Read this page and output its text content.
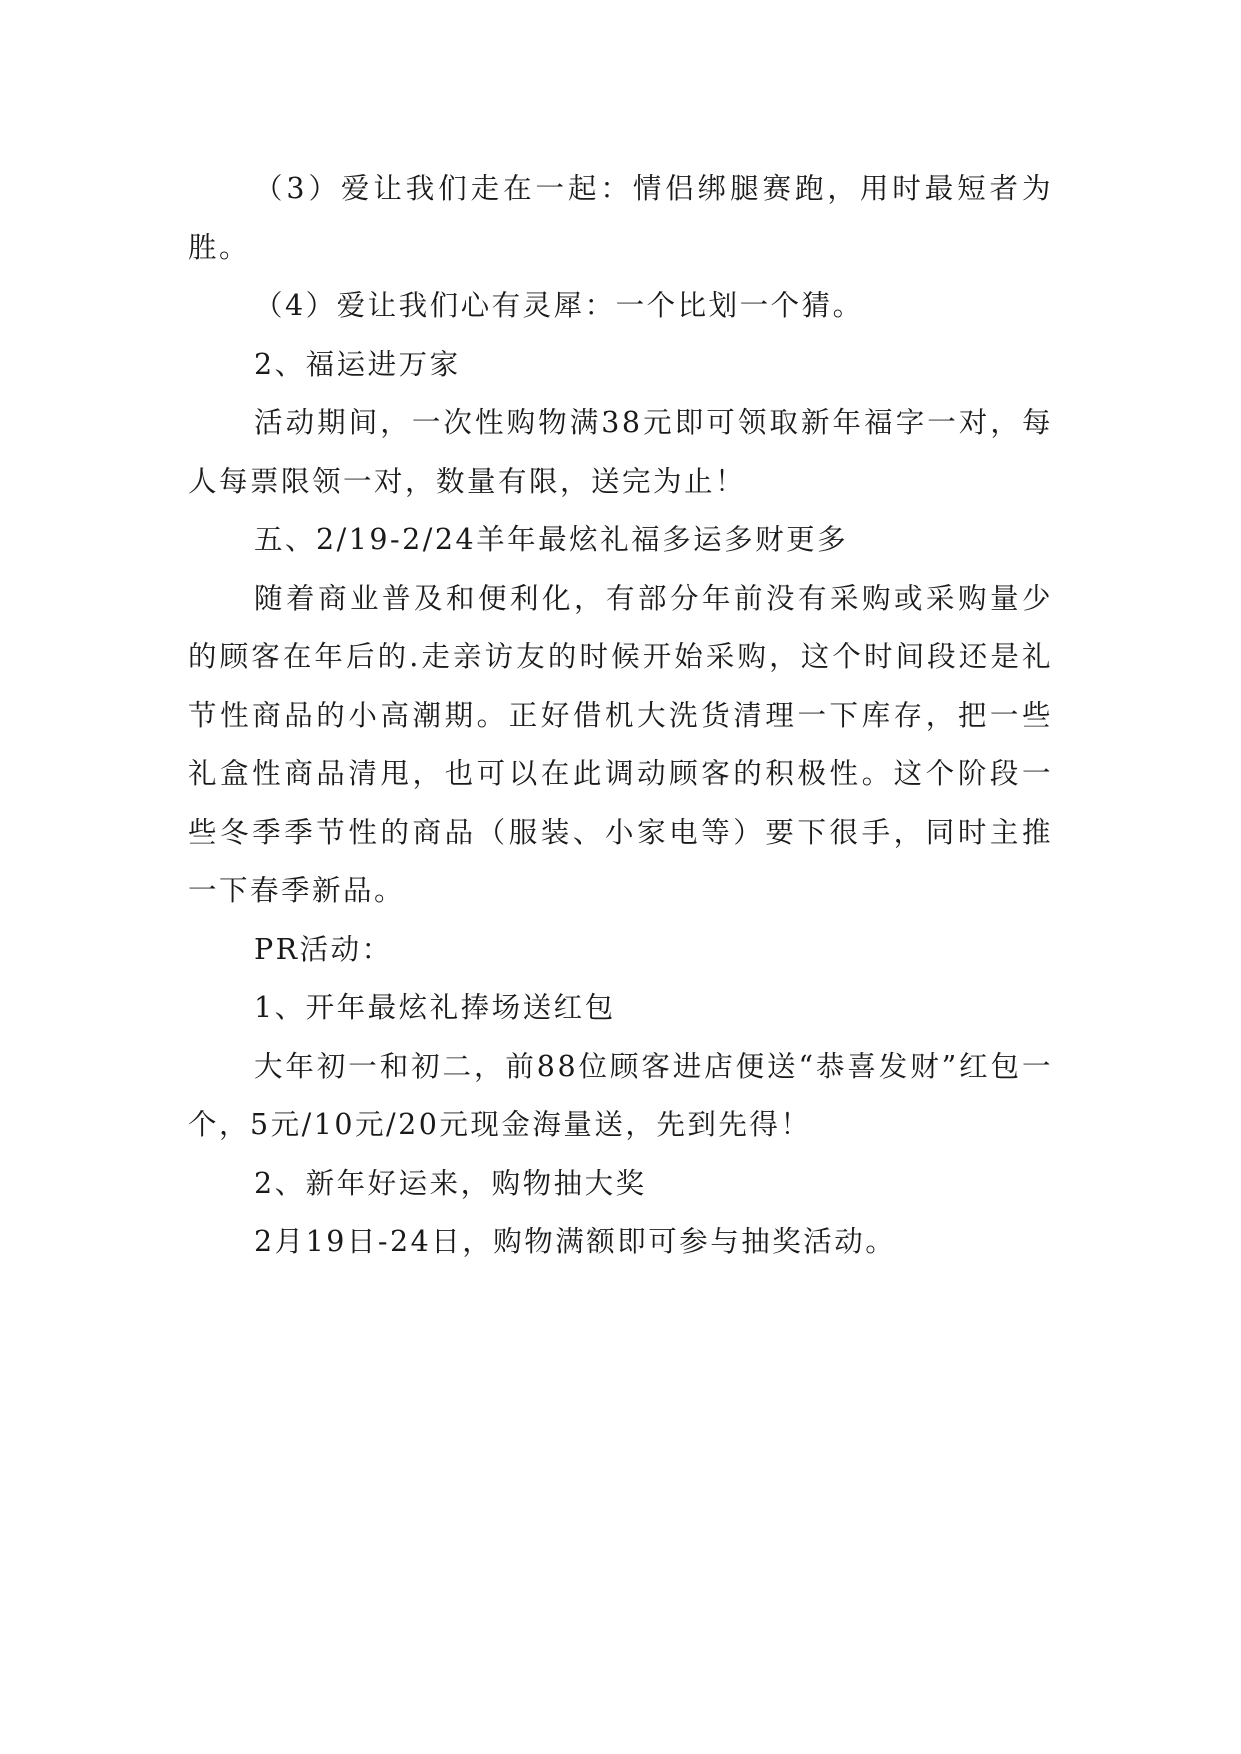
（3）爱让我们走在一起：情侣绑腿赛跑，用时最短者为胜。

（4）爱让我们心有灵犀：一个比划一个猜。

2、福运进万家

活动期间，一次性购物满38元即可领取新年福字一对，每人每票限领一对，数量有限，送完为止！

五、2/19-2/24羊年最炫礼福多运多财更多

随着商业普及和便利化，有部分年前没有采购或采购量少的顾客在年后的.走亲访友的时候开始采购，这个时间段还是礼节性商品的小高潮期。正好借机大洗货清理一下库存，把一些礼盒性商品清甩，也可以在此调动顾客的积极性。这个阶段一些冬季季节性的商品（服装、小家电等）要下很手，同时主推一下春季新品。

PR活动：

1、开年最炫礼捧场送红包

大年初一和初二，前88位顾客进店便送“恭喜发财”红包一个，5元/10元/20元现金海量送，先到先得！

2、新年好运来，购物抽大奖

2月19日-24日，购物满额即可参与抽奖活动。
